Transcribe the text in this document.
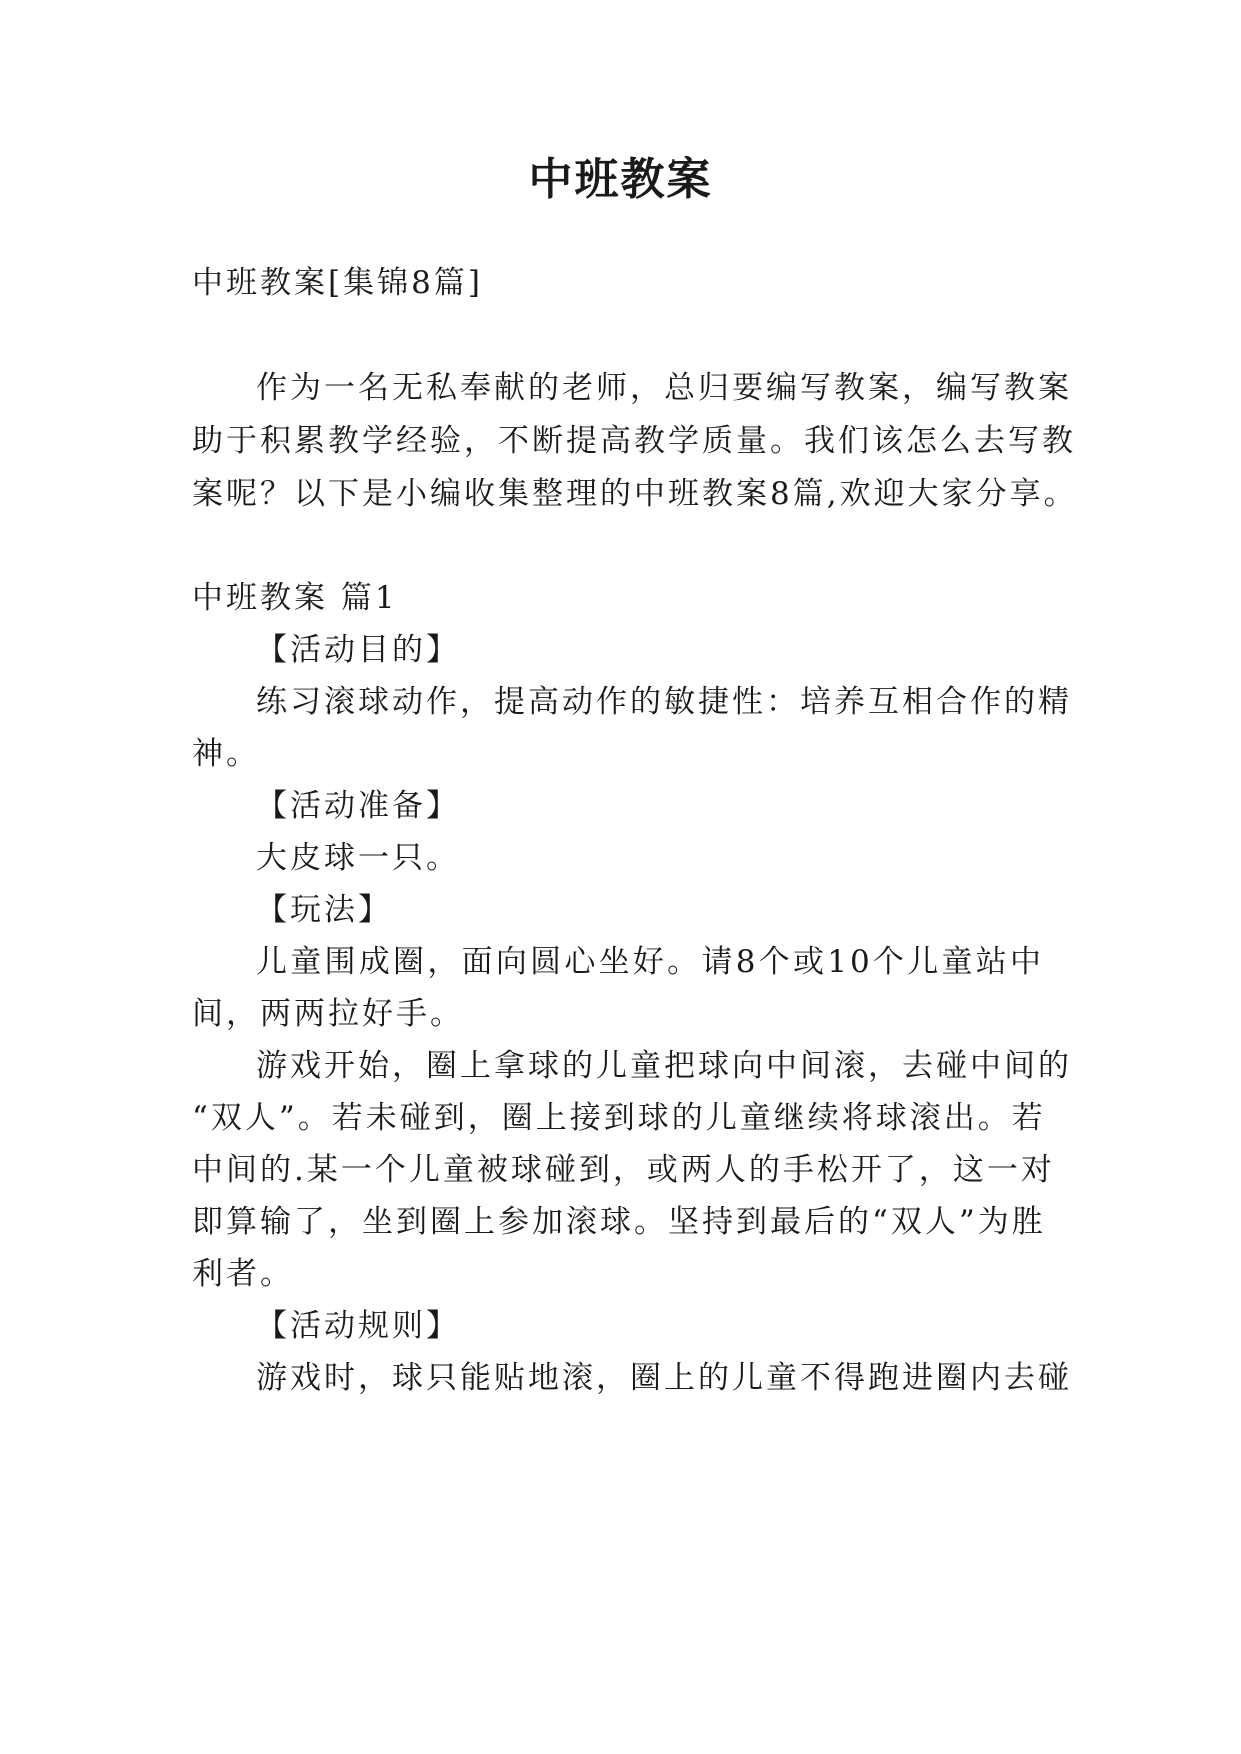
中班教案

中班教案[集锦8篇]

作为一名无私奉献的老师，总归要编写教案，编写教案

助于积累教学经验，不断提高教学质量。我们该怎么去写教

案呢？以下是小编收集整理的中班教案8篇,欢迎大家分享。

中班教案 篇1

【活动目的】

练习滚球动作，提高动作的敏捷性：培养互相合作的精

神。

【活动准备】

大皮球一只。

【玩法】

儿童围成圈，面向圆心坐好。请8个或10个儿童站中

间，两两拉好手。

游戏开始，圈上拿球的儿童把球向中间滚，去碰中间的

“双人”。若未碰到，圈上接到球的儿童继续将球滚出。若

中间的.某一个儿童被球碰到，或两人的手松开了，这一对

即算输了，坐到圈上参加滚球。坚持到最后的“双人”为胜

利者。

【活动规则】

游戏时，球只能贴地滚，圈上的儿童不得跑进圈内去碰
